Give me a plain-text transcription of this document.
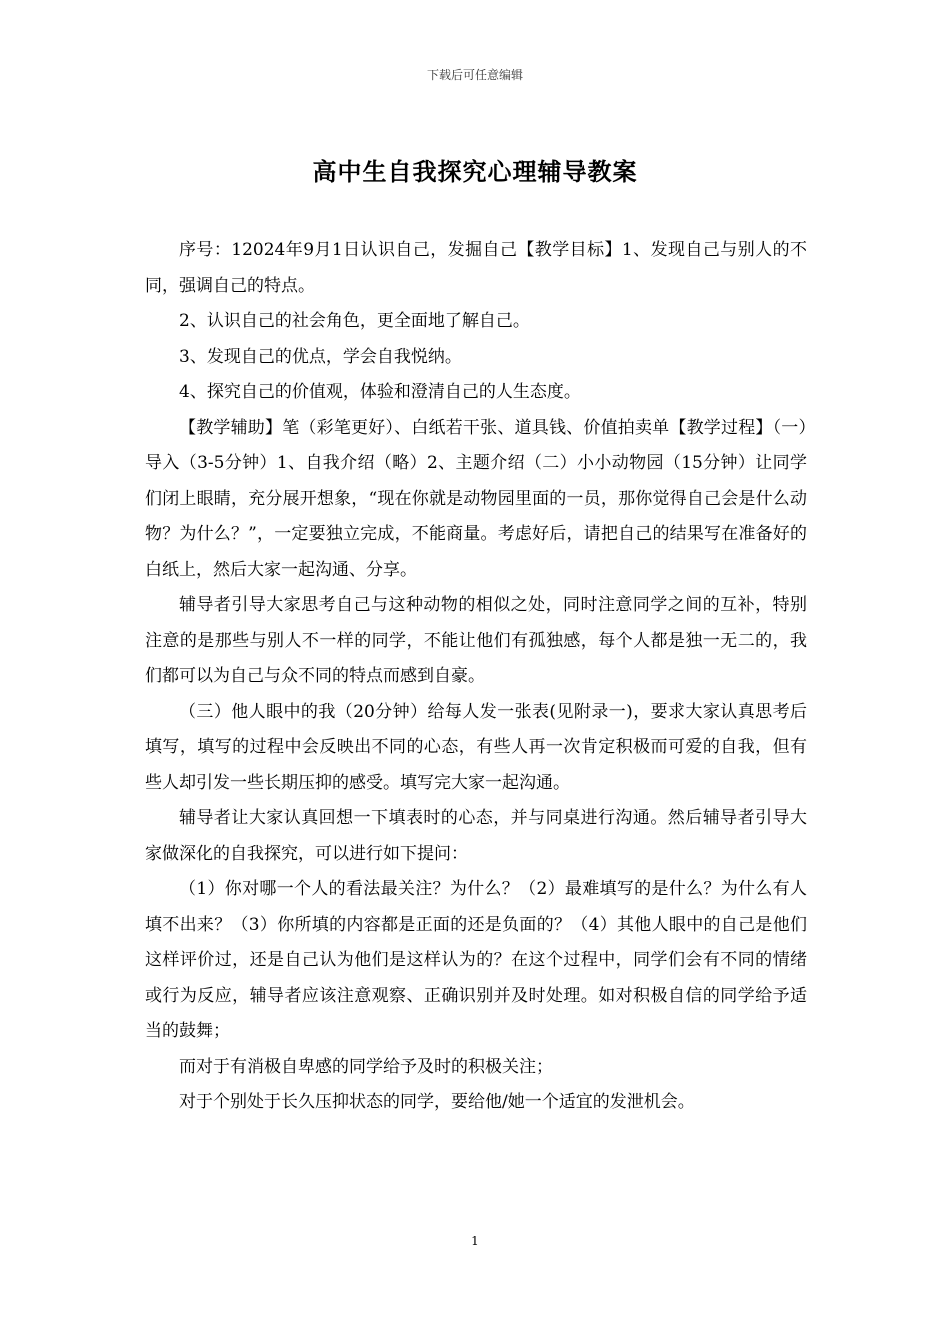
下载后可任意编辑
高中生自我探究心理辅导教案

序号：12024年9月1日认识自己，发掘自己【教学目标】1、发现自己与别人的不同，强调自己的特点。

2、认识自己的社会角色，更全面地了解自己。

3、发现自己的优点，学会自我悦纳。

4、探究自己的价值观，体验和澄清自己的人生态度。

【教学辅助】笔（彩笔更好）、白纸若干张、道具钱、价值拍卖单【教学过程】（一）导入（3-5分钟）1、自我介绍（略）2、主题介绍（二）小小动物园（15分钟）让同学们闭上眼睛，充分展开想象，“现在你就是动物园里面的一员，那你觉得自己会是什么动物？为什么？”，一定要独立完成，不能商量。考虑好后，请把自己的结果写在准备好的白纸上，然后大家一起沟通、分享。

辅导者引导大家思考自己与这种动物的相似之处，同时注意同学之间的互补，特别注意的是那些与别人不一样的同学，不能让他们有孤独感，每个人都是独一无二的，我们都可以为自己与众不同的特点而感到自豪。

（三）他人眼中的我（20分钟）给每人发一张表(见附录一)，要求大家认真思考后填写，填写的过程中会反映出不同的心态，有些人再一次肯定积极而可爱的自我，但有些人却引发一些长期压抑的感受。填写完大家一起沟通。

辅导者让大家认真回想一下填表时的心态，并与同桌进行沟通。然后辅导者引导大家做深化的自我探究，可以进行如下提问：

（1）你对哪一个人的看法最关注？为什么？（2）最难填写的是什么？为什么有人填不出来？（3）你所填的内容都是正面的还是负面的？（4）其他人眼中的自己是他们这样评价过，还是自己认为他们是这样认为的？在这个过程中，同学们会有不同的情绪或行为反应，辅导者应该注意观察、正确识别并及时处理。如对积极自信的同学给予适当的鼓舞；

而对于有消极自卑感的同学给予及时的积极关注；

对于个别处于长久压抑状态的同学，要给他/她一个适宜的发泄机会。

1
